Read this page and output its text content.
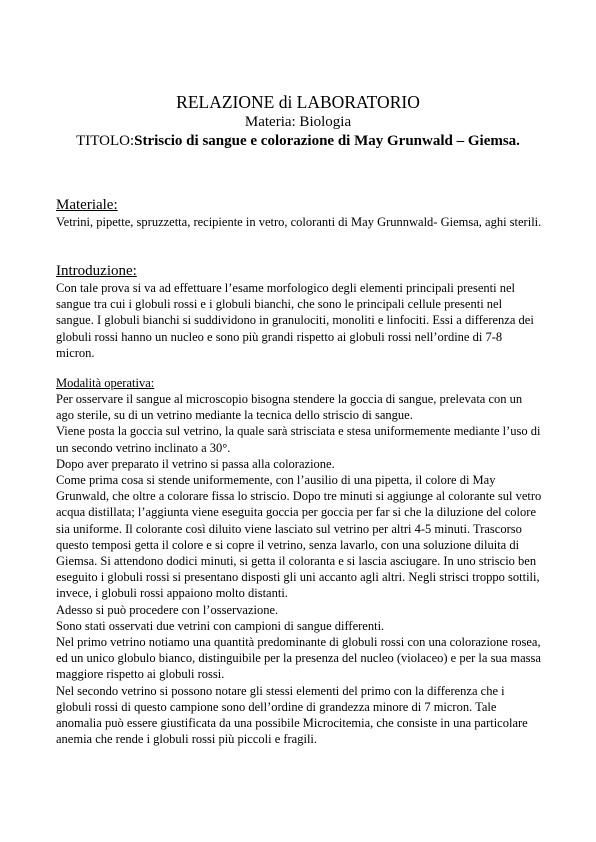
RELAZIONE di LABORATORIO
Materia: Biologia
TITOLO:Striscio di sangue e colorazione di May Grunwald – Giemsa.
Materiale:
Vetrini, pipette, spruzzetta, recipiente in vetro, coloranti di May Grunnwald- Giemsa, aghi sterili.
Introduzione:
Con tale prova si va ad effettuare l’esame morfologico degli elementi principali presenti nel sangue tra cui i globuli rossi e i globuli bianchi, che sono le principali cellule presenti nel sangue. I globuli bianchi si suddividono in granulociti, monoliti e linfociti. Essi a differenza dei globuli rossi hanno un nucleo e sono più grandi rispetto ai globuli rossi nell’ordine di 7-8 micron.
Modalità operativa:

Per osservare il sangue al microscopio bisogna stendere la goccia di sangue, prelevata con un ago sterile, su di un vetrino mediante la tecnica dello striscio di sangue.

Viene posta la goccia sul vetrino, la quale sarà strisciata e stesa uniformemente mediante l’uso di un secondo vetrino inclinato a 30°.

Dopo aver preparato il vetrino si passa alla colorazione.

Come prima cosa si stende uniformemente, con l’ausilio di una pipetta, il colore di May Grunwald, che oltre a colorare fissa lo striscio. Dopo tre minuti si aggiunge al colorante sul vetro acqua distillata; l’aggiunta viene eseguita goccia per goccia per far si che la diluzione del colore sia uniforme. Il colorante così diluito viene lasciato sul vetrino per altri 4-5 minuti. Trascorso questo temposi getta il colore e si copre il vetrino, senza lavarlo, con una soluzione diluita di Giemsa. Si attendono dodici minuti, si getta il coloranta e si lascia asciugare. In uno striscio ben eseguito i globuli rossi si presentano disposti gli uni accanto agli altri. Negli strisci troppo sottili, invece, i globuli rossi appaiono molto distanti.

Adesso si può procedere con l’osservazione.

Sono stati osservati due vetrini con campioni di sangue differenti.

Nel primo vetrino notiamo una quantità predominante di globuli rossi con una colorazione rosea, ed un unico globulo bianco, distinguibile per la presenza del nucleo (violaceo) e per la sua massa maggiore rispetto ai globuli rossi.

Nel secondo vetrino si possono notare gli stessi elementi del primo con la differenza che i globuli rossi di questo campione sono dell’ordine di grandezza minore di 7 micron. Tale anomalia può essere giustificata da una possibile Microcitemia, che consiste in una particolare anemia che rende i globuli rossi più piccoli e fragili.
